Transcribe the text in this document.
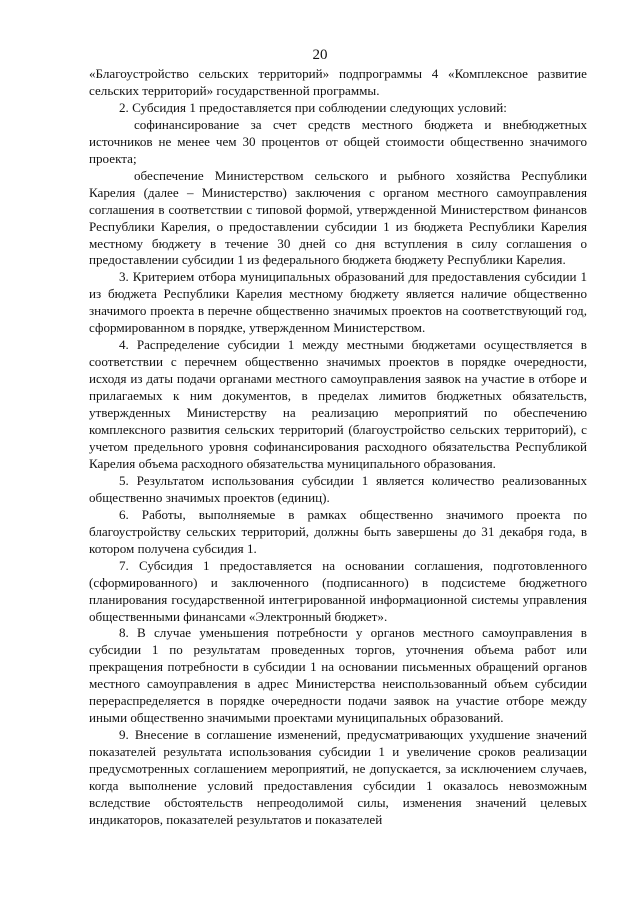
20

«Благоустройство сельских территорий» подпрограммы 4 «Комплексное развитие сельских территорий» государственной программы.

2. Субсидия 1 предоставляется при соблюдении следующих условий:

софинансирование за счет средств местного бюджета и внебюджетных источников не менее чем 30 процентов от общей стоимости общественно значимого проекта;

обеспечение Министерством сельского и рыбного хозяйства Республики Карелия (далее – Министерство) заключения с органом местного самоуправления соглашения в соответствии с типовой формой, утвержденной Министерством финансов Республики Карелия, о предоставлении субсидии 1 из бюджета Республики Карелия местному бюджету в течение 30 дней со дня вступления в силу соглашения о предоставлении субсидии 1 из федерального бюджета бюджету Республики Карелия.

3. Критерием отбора муниципальных образований для предоставления субсидии 1 из бюджета Республики Карелия местному бюджету является наличие общественно значимого проекта в перечне общественно значимых проектов на соответствующий год, сформированном в порядке, утвержденном Министерством.

4. Распределение субсидии 1 между местными бюджетами осуществляется в соответствии с перечнем общественно значимых проектов в порядке очередности, исходя из даты подачи органами местного самоуправления заявок на участие в отборе и прилагаемых к ним документов, в пределах лимитов бюджетных обязательств, утвержденных Министерству на реализацию мероприятий по обеспечению комплексного развития сельских территорий (благоустройство сельских территорий), с учетом предельного уровня софинансирования расходного обязательства Республикой Карелия объема расходного обязательства муниципального образования.

5. Результатом использования субсидии 1 является количество реализованных общественно значимых проектов (единиц).

6. Работы, выполняемые в рамках общественно значимого проекта по благоустройству сельских территорий, должны быть завершены до 31 декабря года, в котором получена субсидия 1.

7. Субсидия 1 предоставляется на основании соглашения, подготовленного (сформированного) и заключенного (подписанного) в подсистеме бюджетного планирования государственной интегрированной информационной системы управления общественными финансами «Электронный бюджет».

8. В случае уменьшения потребности у органов местного самоуправления в субсидии 1 по результатам проведенных торгов, уточнения объема работ или прекращения потребности в субсидии 1 на основании письменных обращений органов местного самоуправления в адрес Министерства неиспользованный объем субсидии перераспределяется в порядке очередности подачи заявок на участие отборе между иными общественно значимыми проектами муниципальных образований.

9. Внесение в соглашение изменений, предусматривающих ухудшение значений показателей результата использования субсидии 1 и увеличение сроков реализации предусмотренных соглашением мероприятий, не допускается, за исключением случаев, когда выполнение условий предоставления субсидии 1 оказалось невозможным вследствие обстоятельств непреодолимой силы, изменения значений целевых индикаторов, показателей результатов и показателей
